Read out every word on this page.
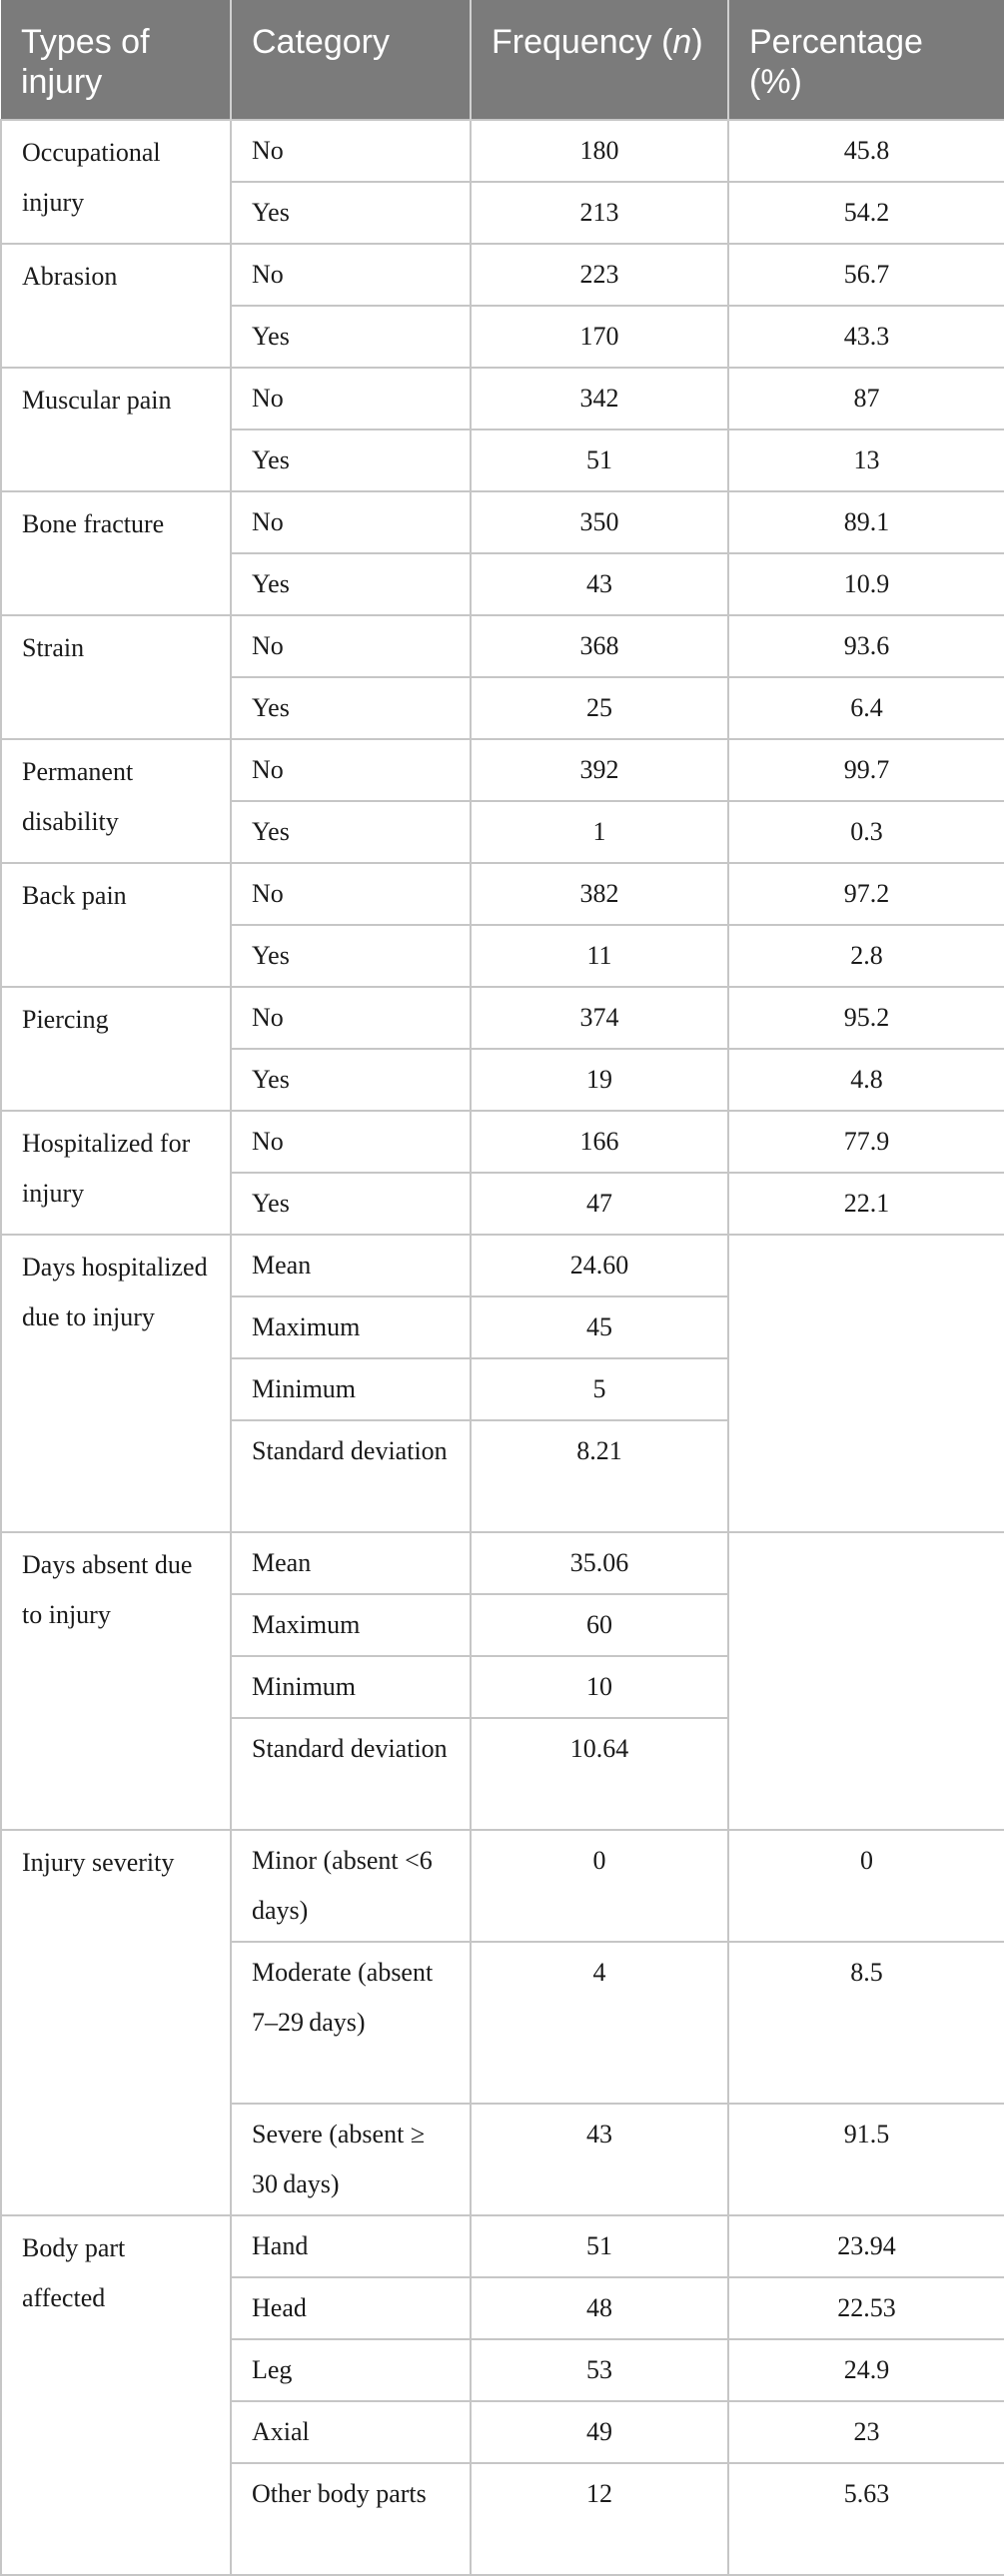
Types of injury	Category	Frequency (n)	Percentage (%)
Occupational injury	No	180	45.8
	Yes	213	54.2
Abrasion	No	223	56.7
	Yes	170	43.3
Muscular pain	No	342	87
	Yes	51	13
Bone fracture	No	350	89.1
	Yes	43	10.9
Strain	No	368	93.6
	Yes	25	6.4
Permanent disability	No	392	99.7
	Yes	1	0.3
Back pain	No	382	97.2
	Yes	11	2.8
Piercing	No	374	95.2
	Yes	19	4.8
Hospitalized for injury	No	166	77.9
	Yes	47	22.1
Days hospitalized due to injury	Mean	24.60	
	Maximum	45	
	Minimum	5	
	Standard deviation	8.21	
Days absent due to injury	Mean	35.06	
	Maximum	60	
	Minimum	10	
	Standard deviation	10.64	
Injury severity	Minor (absent <6 days)	0	0
	Moderate (absent 7–29 days)	4	8.5
	Severe (absent ≥ 30 days)	43	91.5
Body part affected	Hand	51	23.94
	Head	48	22.53
	Leg	53	24.9
	Axial	49	23
	Other body parts	12	5.63
